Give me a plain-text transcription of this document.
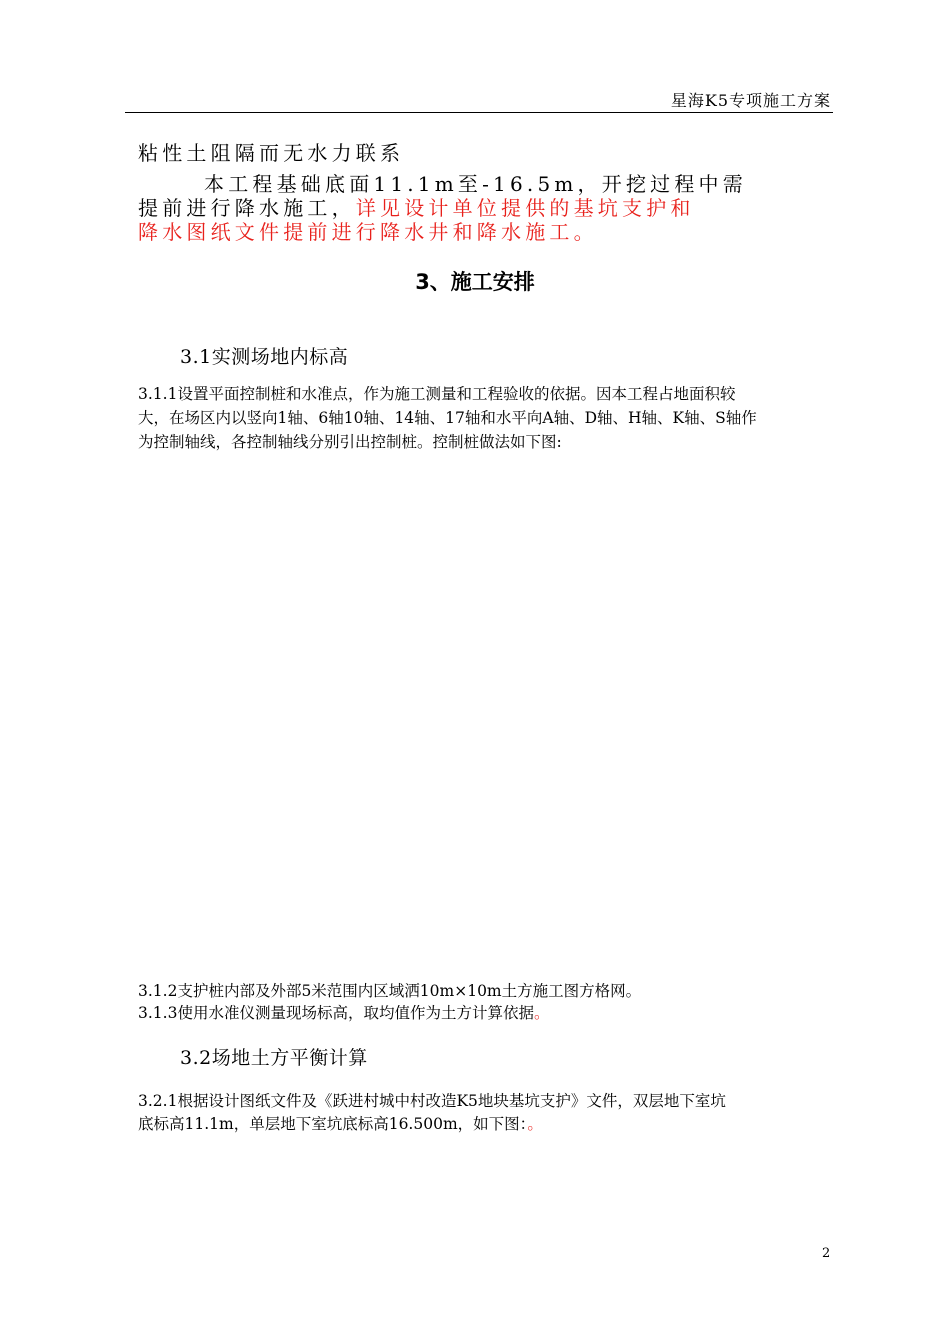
星海K5专项施工方案
粘性土阻隔而无水力联系
本工程基础底面11.1m至-16.5m，开挖过程中需
提前进行降水施工，详见设计单位提供的基坑支护和
降水图纸文件提前进行降水井和降水施工。
3、施工安排
3.1实测场地内标高
3.1.1设置平面控制桩和水准点，作为施工测量和工程验收的依据。因本工程占地面积较
大，在场区内以竖向1轴、6轴10轴、14轴、17轴和水平向A轴、D轴、H轴、K轴、S轴作
为控制轴线，各控制轴线分别引出控制桩。控制桩做法如下图:
3.1.2支护桩内部及外部5米范围内区域洒10m×10m土方施工图方格网。
3.1.3使用水准仪测量现场标高，取均值作为土方计算依据。
3.2场地土方平衡计算
3.2.1根据设计图纸文件及《跃进村城中村改造K5地块基坑支护》文件，双层地下室坑
底标高11.1m，单层地下室坑底标高16.500m，如下图：。
2
